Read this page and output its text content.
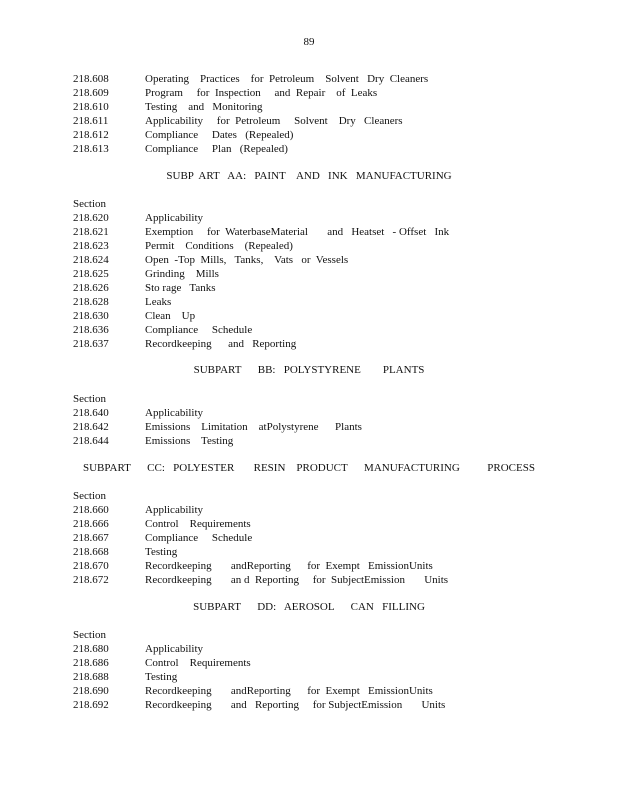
89
218.608	Operating    Practices    for  Petroleum    Solvent   Dry  Cleaners
218.609	Program     for  Inspection     and  Repair    of  Leaks
218.610	Testing    and   Monitoring
218.611	Applicability     for  Petroleum     Solvent    Dry   Cleaners
218.612	Compliance     Dates   (Repealed)
218.613	Compliance     Plan   (Repealed)
SUBP  ART   AA:   PAINT    AND   INK   MANUFACTURING
Section
218.620	Applicability
218.621	Exemption     for  WaterbaseMaterial       and   Heatset   - Offset   Ink
218.623	Permit    Conditions    (Repealed)
218.624	Open  -Top  Mills,   Tanks,    Vats   or  Vessels
218.625	Grinding    Mills
218.626	Sto rage   Tanks
218.628	Leaks
218.630	Clean    Up
218.636	Compliance     Schedule
218.637	Recordkeeping      and   Reporting
SUBPART      BB:   POLYSTYRENE        PLANTS
Section
218.640	Applicability
218.642	Emissions    Limitation    atPolystyrene      Plants
218.644	Emissions    Testing
SUBPART      CC:   POLYESTER       RESIN    PRODUCT      MANUFACTURING          PROCESS
Section
218.660	Applicability
218.666	Control    Requirements
218.667	Compliance     Schedule
218.668	Testing
218.670	Recordkeeping       andReporting      for  Exempt   EmissionUnits
218.672	Recordkeeping       an d  Reporting     for  SubjectEmission       Units
SUBPART      DD:   AEROSOL      CAN   FILLING
Section
218.680	Applicability
218.686	Control    Requirements
218.688	Testing
218.690	Recordkeeping       andReporting      for  Exempt   EmissionUnits
218.692	Recordkeeping       and   Reporting     for SubjectEmission       Units
